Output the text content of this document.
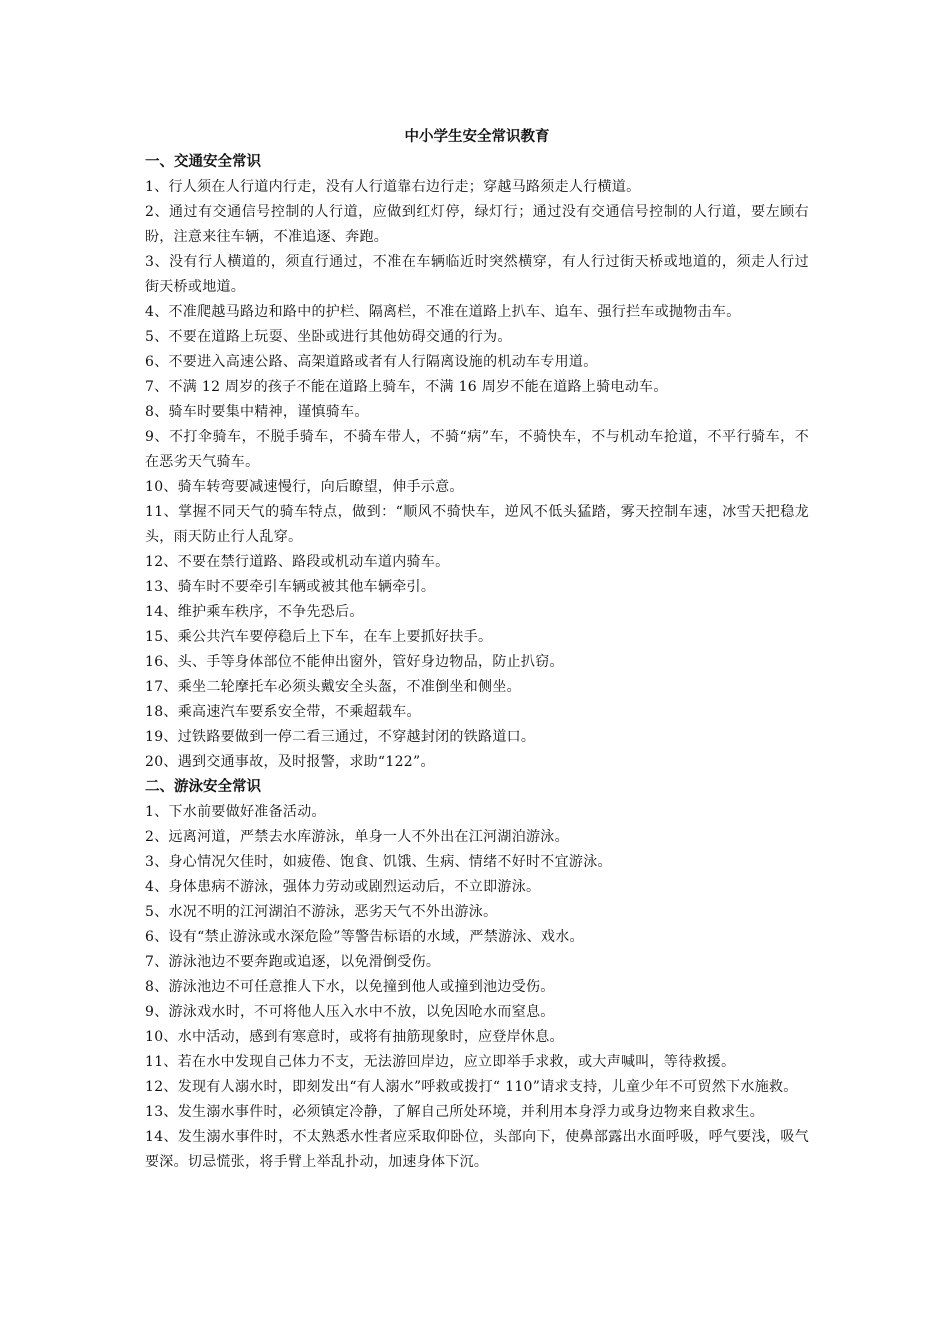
中小学生安全常识教育
一、交通安全常识
1、行人须在人行道内行走，没有人行道靠右边行走；穿越马路须走人行横道。
2、通过有交通信号控制的人行道，应做到红灯停，绿灯行；通过没有交通信号控制的人行道，要左顾右盼，注意来往车辆，不准追逐、奔跑。
3、没有行人横道的，须直行通过，不准在车辆临近时突然横穿，有人行过街天桥或地道的，须走人行过街天桥或地道。
4、不准爬越马路边和路中的护栏、隔离栏，不准在道路上扒车、追车、强行拦车或抛物击车。
5、不要在道路上玩耍、坐卧或进行其他妨碍交通的行为。
6、不要进入高速公路、高架道路或者有人行隔离设施的机动车专用道。
7、不满 12 周岁的孩子不能在道路上骑车，不满 16 周岁不能在道路上骑电动车。
8、骑车时要集中精神，谨慎骑车。
9、不打伞骑车，不脱手骑车，不骑车带人，不骑“病”车，不骑快车，不与机动车抢道，不平行骑车，不在恶劣天气骑车。
10、骑车转弯要减速慢行，向后瞭望，伸手示意。
11、掌握不同天气的骑车特点，做到：“顺风不骑快车，逆风不低头猛踏，雾天控制车速，冰雪天把稳龙头，雨天防止行人乱穿。
12、不要在禁行道路、路段或机动车道内骑车。
13、骑车时不要牵引车辆或被其他车辆牵引。
14、维护乘车秩序，不争先恐后。
15、乘公共汽车要停稳后上下车，在车上要抓好扶手。
16、头、手等身体部位不能伸出窗外，管好身边物品，防止扒窃。
17、乘坐二轮摩托车必须头戴安全头盔，不准倒坐和侧坐。
18、乘高速汽车要系安全带，不乘超载车。
19、过铁路要做到一停二看三通过，不穿越封闭的铁路道口。
20、遇到交通事故，及时报警，求助“122”。
二、游泳安全常识
1、下水前要做好准备活动。
2、远离河道，严禁去水库游泳，单身一人不外出在江河湖泊游泳。
3、身心情况欠佳时，如疲倦、饱食、饥饿、生病、情绪不好时不宜游泳。
4、身体患病不游泳，强体力劳动或剧烈运动后，不立即游泳。
5、水况不明的江河湖泊不游泳，恶劣天气不外出游泳。
6、设有“禁止游泳或水深危险”等警告标语的水域，严禁游泳、戏水。
7、游泳池边不要奔跑或追逐，以免滑倒受伤。
8、游泳池边不可任意推人下水，以免撞到他人或撞到池边受伤。
9、游泳戏水时，不可将他人压入水中不放，以免因呛水而窒息。
10、水中活动，感到有寒意时，或将有抽筋现象时，应登岸休息。
11、若在水中发现自己体力不支，无法游回岸边，应立即举手求救，或大声喊叫，等待救援。
12、发现有人溺水时，即刻发出“有人溺水”呼救或拨打“ 110”请求支持，儿童少年不可贸然下水施救。
13、发生溺水事件时，必须镇定冷静，了解自己所处环境，并利用本身浮力或身边物来自救求生。
14、发生溺水事件时，不太熟悉水性者应采取仰卧位，头部向下，使鼻部露出水面呼吸，呼气要浅，吸气要深。切忌慌张，将手臂上举乱扑动，加速身体下沉。
